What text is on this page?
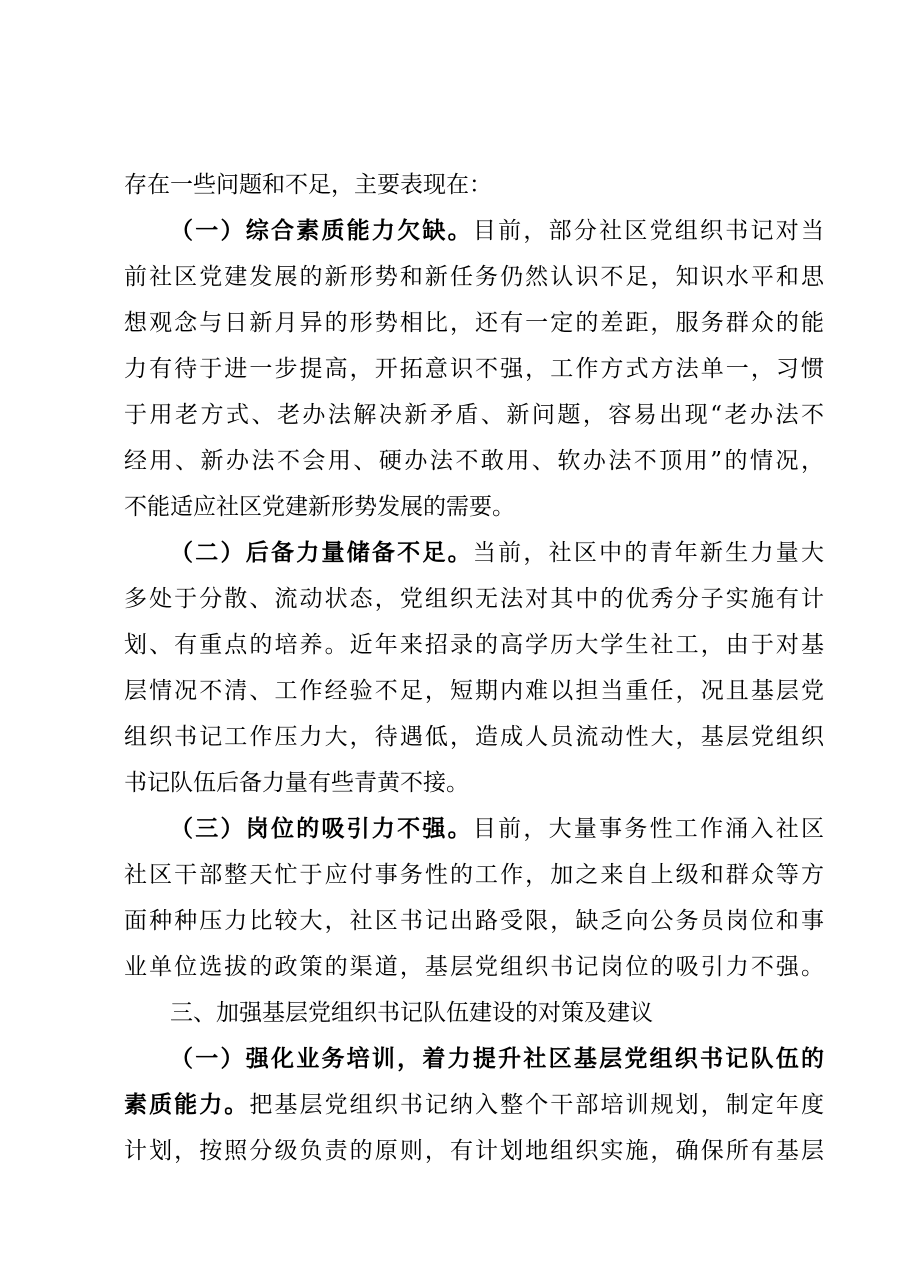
存在一些问题和不足，主要表现在：
（一）综合素质能力欠缺。目前，部分社区党组织书记对当
前社区党建发展的新形势和新任务仍然认识不足，知识水平和思
想观念与日新月异的形势相比，还有一定的差距，服务群众的能
力有待于进一步提高，开拓意识不强，工作方式方法单一，习惯
于用老方式、老办法解决新矛盾、新问题，容易出现“老办法不
经用、新办法不会用、硬办法不敢用、软办法不顶用”的情况，
不能适应社区党建新形势发展的需要。
（二）后备力量储备不足。当前，社区中的青年新生力量大
多处于分散、流动状态，党组织无法对其中的优秀分子实施有计
划、有重点的培养。近年来招录的高学历大学生社工，由于对基
层情况不清、工作经验不足，短期内难以担当重任，况且基层党
组织书记工作压力大，待遇低，造成人员流动性大，基层党组织
书记队伍后备力量有些青黄不接。
（三）岗位的吸引力不强。目前，大量事务性工作涌入社区
社区干部整天忙于应付事务性的工作，加之来自上级和群众等方
面种种压力比较大，社区书记出路受限，缺乏向公务员岗位和事
业单位选拔的政策的渠道，基层党组织书记岗位的吸引力不强。
三、加强基层党组织书记队伍建设的对策及建议
（一）强化业务培训，着力提升社区基层党组织书记队伍的
素质能力。把基层党组织书记纳入整个干部培训规划，制定年度
计划，按照分级负责的原则，有计划地组织实施，确保所有基层
